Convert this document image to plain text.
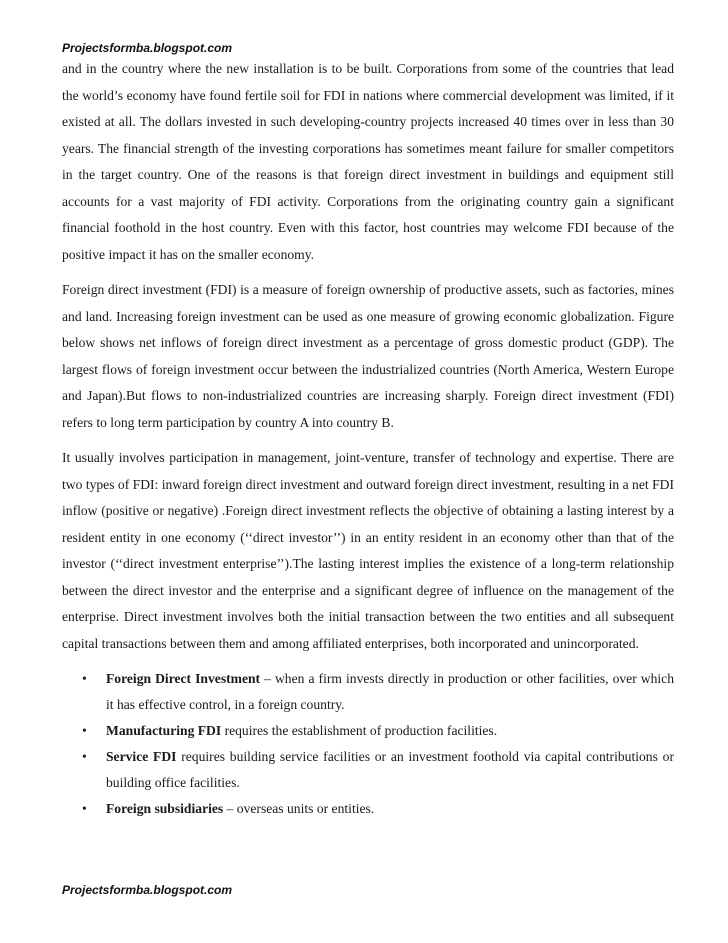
Projectsformba.blogspot.com

and in the country where the new installation is to be built. Corporations from some of the countries that lead the world’s economy have found fertile soil for FDI in nations where commercial development was limited, if it existed at all. The dollars invested in such developing-country projects increased 40 times over in less than 30 years. The financial strength of the investing corporations has sometimes meant failure for smaller competitors in the target country. One of the reasons is that foreign direct investment in buildings and equipment still accounts for a vast majority of FDI activity. Corporations from the originating country gain a significant financial foothold in the host country. Even with this factor, host countries may welcome FDI because of the positive impact it has on the smaller economy.

Foreign direct investment (FDI) is a measure of foreign ownership of productive assets, such as factories, mines and land. Increasing foreign investment can be used as one measure of growing economic globalization. Figure below shows net inflows of foreign direct investment as a percentage of gross domestic product (GDP). The largest flows of foreign investment occur between the industrialized countries (North America, Western Europe and Japan).But flows to non-industrialized countries are increasing sharply. Foreign direct investment (FDI) refers to long term participation by country A into country B.

It usually involves participation in management, joint-venture, transfer of technology and expertise. There are two types of FDI: inward foreign direct investment and outward foreign direct investment, resulting in a net FDI inflow (positive or negative) .Foreign direct investment reflects the objective of obtaining a lasting interest by a resident entity in one economy (‘‘direct investor’’) in an entity resident in an economy other than that of the investor (‘‘direct investment enterprise’’).The lasting interest implies the existence of a long-term relationship between the direct investor and the enterprise and a significant degree of influence on the management of the enterprise. Direct investment involves both the initial transaction between the two entities and all subsequent capital transactions between them and among affiliated enterprises, both incorporated and unincorporated.

• Foreign Direct Investment – when a firm invests directly in production or other facilities, over which it has effective control, in a foreign country.
• Manufacturing FDI requires the establishment of production facilities.
• Service FDI requires building service facilities or an investment foothold via capital contributions or building office facilities.
• Foreign subsidiaries – overseas units or entities.
Projectsformba.blogspot.com
